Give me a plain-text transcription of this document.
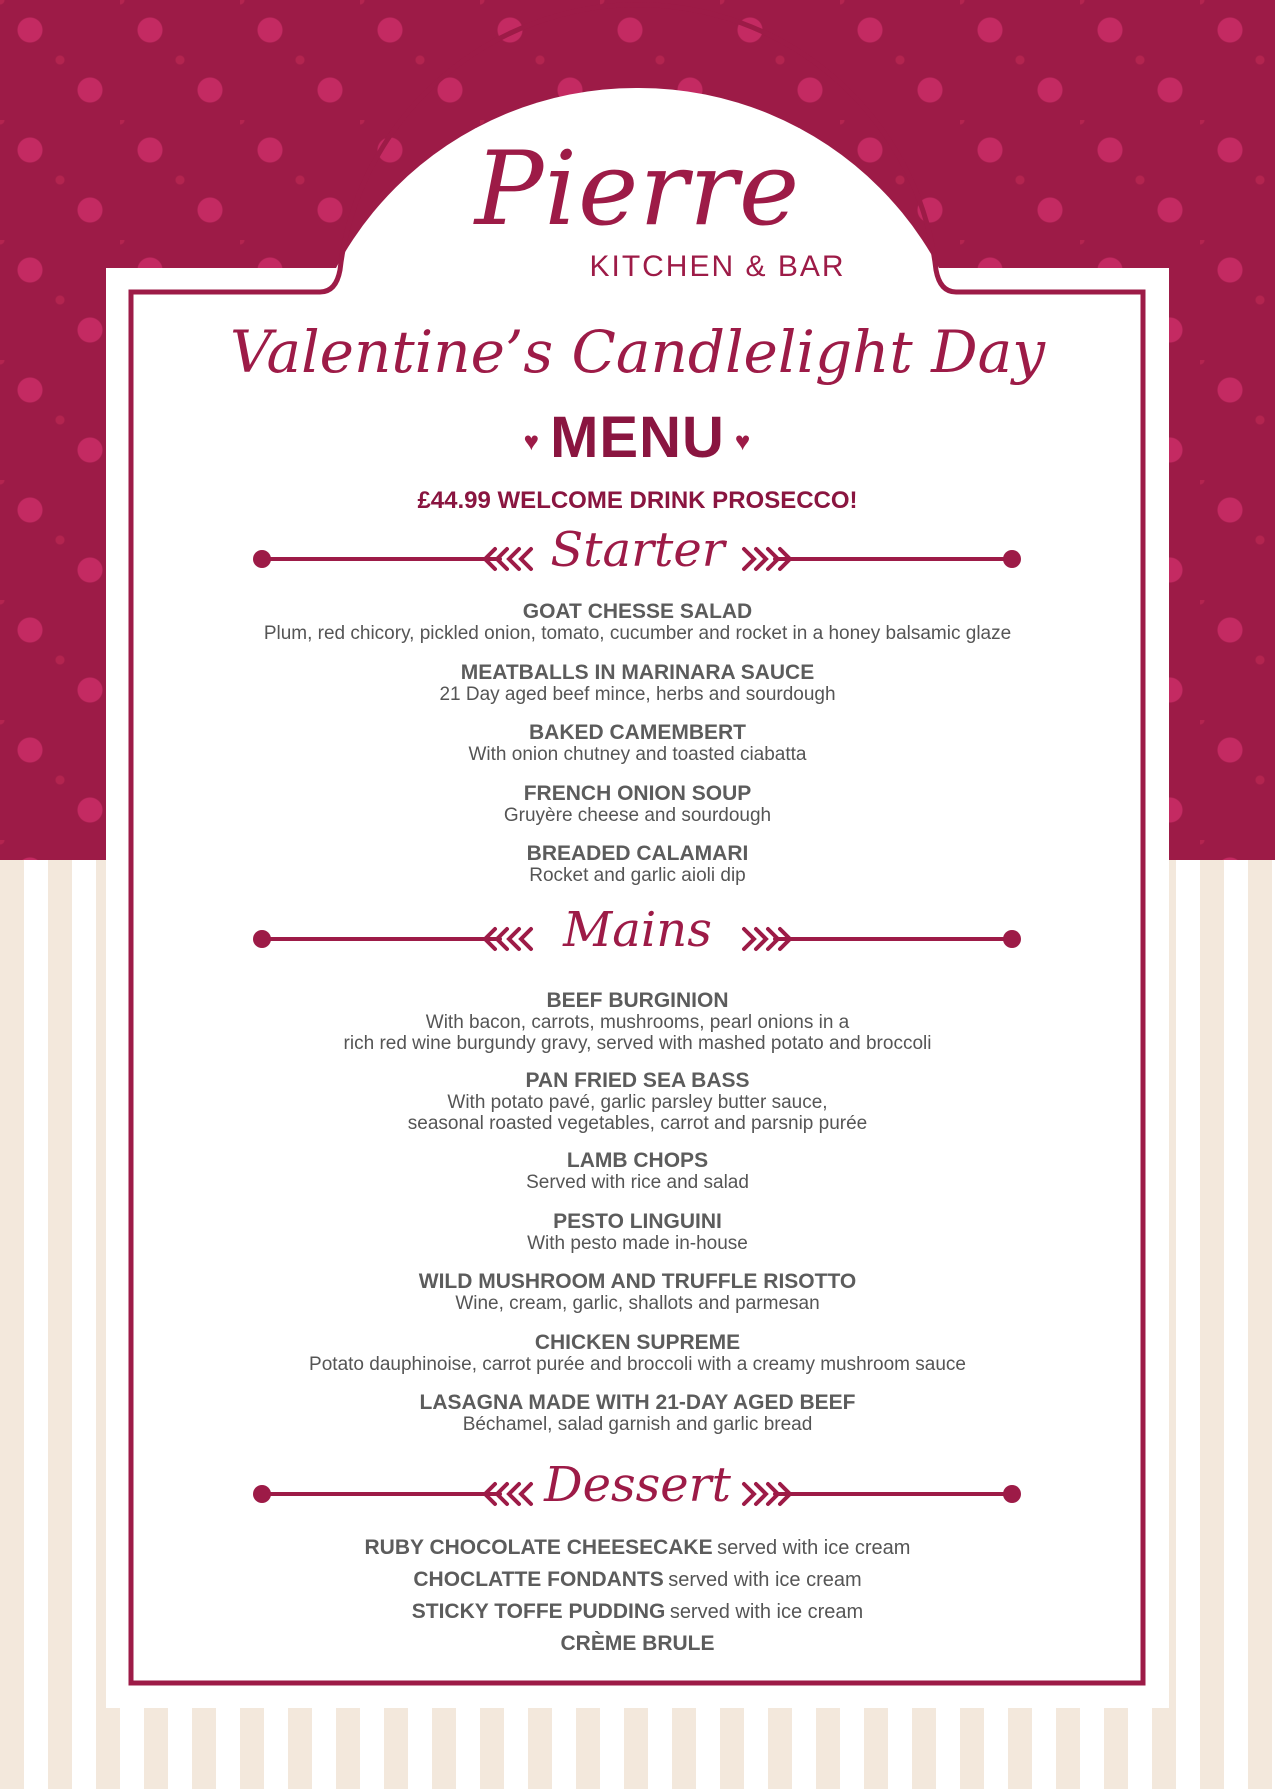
Pierre
KITCHEN & BAR
Valentine’s Candlelight Day
♥ MENU ♥
£44.99 WELCOME DRINK PROSECCO!
Starter
GOAT CHESSE SALAD
Plum, red chicory, pickled onion, tomato, cucumber and rocket in a honey balsamic glaze
MEATBALLS IN MARINARA SAUCE
21 Day aged beef mince, herbs and sourdough
BAKED CAMEMBERT
With onion chutney and toasted ciabatta
FRENCH ONION SOUP
Gruyère cheese and sourdough
BREADED CALAMARI
Rocket and garlic aioli dip
Mains
BEEF BURGINION
With bacon, carrots, mushrooms, pearl onions in a
rich red wine burgundy gravy, served with mashed potato and broccoli
PAN FRIED SEA BASS
With potato pavé, garlic parsley butter sauce,
seasonal roasted vegetables, carrot and parsnip purée
LAMB CHOPS
Served with rice and salad
PESTO LINGUINI
With pesto made in-house
WILD MUSHROOM AND TRUFFLE RISOTTO
Wine, cream, garlic, shallots and parmesan
CHICKEN SUPREME
Potato dauphinoise, carrot purée and broccoli with a creamy mushroom sauce
LASAGNA MADE WITH 21-DAY AGED BEEF
Béchamel, salad garnish and garlic bread
Dessert
RUBY CHOCOLATE CHEESECAKE served with ice cream
CHOCLATTE FONDANTS served with ice cream
STICKY TOFFE PUDDING served with ice cream
CRÈME BRULE
